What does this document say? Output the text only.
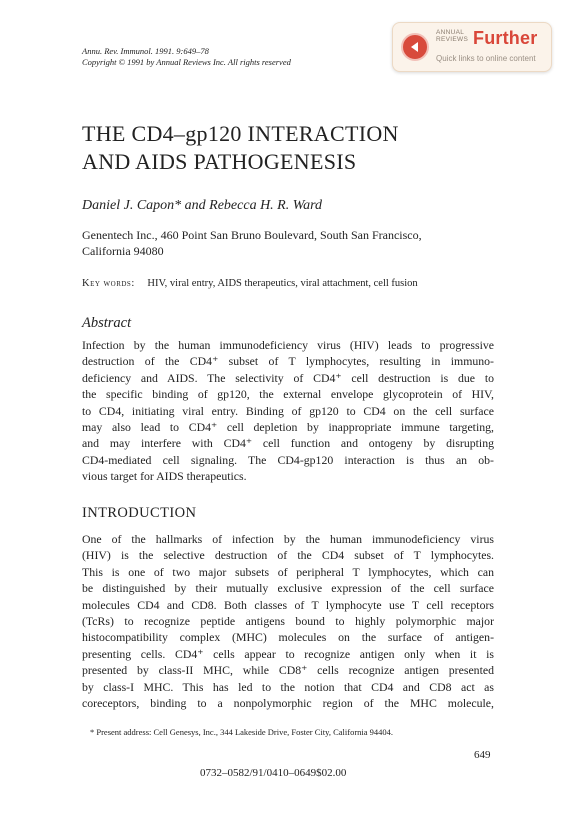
Annu. Rev. Immunol. 1991. 9:649–78
Copyright © 1991 by Annual Reviews Inc. All rights reserved
ANNUAL
REVIEWS Further
Quick links to online content
THE CD4–gp120 INTERACTION
AND AIDS PATHOGENESIS
Daniel J. Capon* and Rebecca H. R. Ward
Genentech Inc., 460 Point San Bruno Boulevard, South San Francisco,
California 94080
Key words: HIV, viral entry, AIDS therapeutics, viral attachment, cell fusion
Abstract
Infection by the human immunodeficiency virus (HIV) leads to progressive
destruction of the CD4⁺ subset of T lymphocytes, resulting in immuno-
deficiency and AIDS. The selectivity of CD4⁺ cell destruction is due to
the specific binding of gp120, the external envelope glycoprotein of HIV,
to CD4, initiating viral entry. Binding of gp120 to CD4 on the cell surface
may also lead to CD4⁺ cell depletion by inappropriate immune targeting,
and may interfere with CD4⁺ cell function and ontogeny by disrupting
CD4-mediated cell signaling. The CD4-gp120 interaction is thus an ob-
vious target for AIDS therapeutics.
INTRODUCTION
One of the hallmarks of infection by the human immunodeficiency virus
(HIV) is the selective destruction of the CD4 subset of T lymphocytes.
This is one of two major subsets of peripheral T lymphocytes, which can
be distinguished by their mutually exclusive expression of the cell surface
molecules CD4 and CD8. Both classes of T lymphocyte use T cell receptors
(TcRs) to recognize peptide antigens bound to highly polymorphic major
histocompatibility complex (MHC) molecules on the surface of antigen-
presenting cells. CD4⁺ cells appear to recognize antigen only when it is
presented by class-II MHC, while CD8⁺ cells recognize antigen presented
by class-I MHC. This has led to the notion that CD4 and CD8 act as
coreceptors, binding to a nonpolymorphic region of the MHC molecule,
* Present address: Cell Genesys, Inc., 344 Lakeside Drive, Foster City, California 94404.
649
0732–0582/91/0410–0649$02.00
